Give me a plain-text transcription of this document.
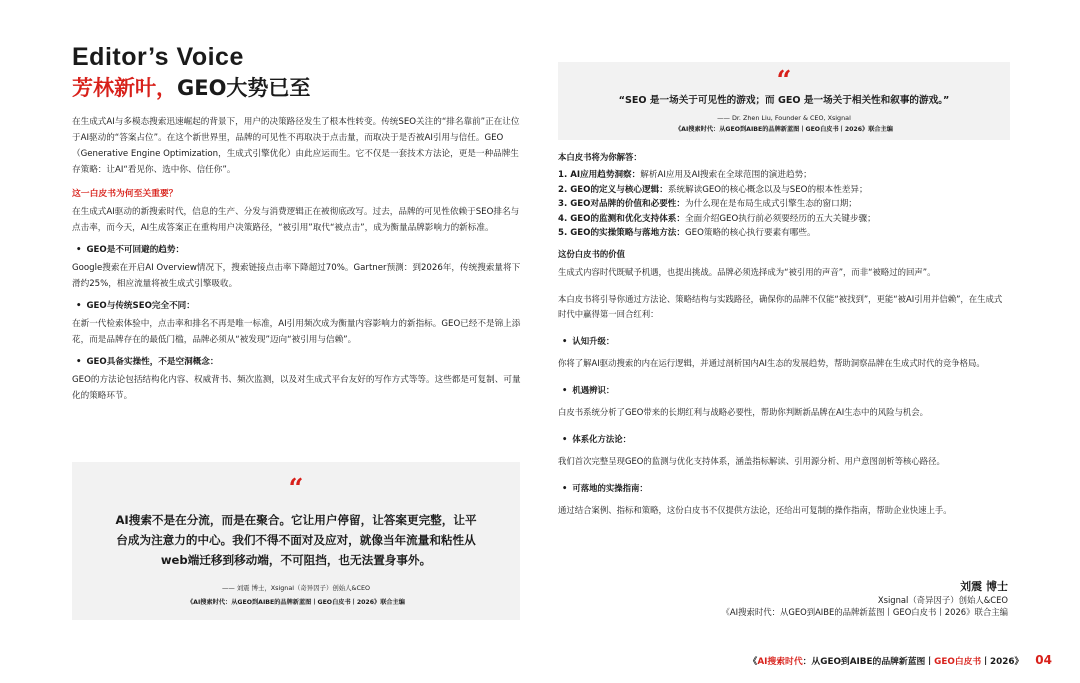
Editor’s Voice
芳林新叶，GEO大势已至

在生成式AI与多模态搜索迅速崛起的背景下，用户的决策路径发生了根本性转变。传统SEO关注的“排名靠前”正在让位于AI驱动的“答案占位”。在这个新世界里，品牌的可见性不再取决于点击量，而取决于是否被AI引用与信任。GEO（Generative Engine Optimization，生成式引擎优化）由此应运而生。它不仅是一套技术方法论，更是一种品牌生存策略：让AI“看见你、选中你、信任你”。

这一白皮书为何至关重要？

在生成式AI驱动的新搜索时代，信息的生产、分发与消费逻辑正在被彻底改写。过去，品牌的可见性依赖于SEO排名与点击率，而今天，AI生成答案正在重构用户决策路径，“被引用”取代“被点击”，成为衡量品牌影响力的新标准。

• GEO是不可回避的趋势：

Google搜索在开启AI Overview情况下，搜索链接点击率下降超过70%。Gartner预测：到2026年，传统搜索量将下滑约25%，相应流量将被生成式引擎吸收。

• GEO与传统SEO完全不同：

在新一代检索体验中，点击率和排名不再是唯一标准，AI引用频次成为衡量内容影响力的新指标。GEO已经不是锦上添花，而是品牌存在的最低门槛，品牌必须从“被发现”迈向“被引用与信赖”。

• GEO具备实操性，不是空洞概念：

GEO的方法论包括结构化内容、权威背书、频次监测，以及对生成式平台友好的写作方式等等。这些都是可复制、可量化的策略环节。

“
AI搜索不是在分流，而是在聚合。它让用户停留，让答案更完整，让平台成为注意力的中心。我们不得不面对及应对，就像当年流量和粘性从web端迁移到移动端，不可阻挡，也无法置身事外。
—— 刘震 博士，Xsignal（奇异因子）创始人&CEO
《AI搜索时代：从GEO到AIBE的品牌新蓝图丨GEO白皮书丨2026》联合主编
“
“SEO 是一场关于可见性的游戏；而 GEO 是一场关于相关性和叙事的游戏。”
—— Dr. Zhen Liu, Founder & CEO, Xsignal
《AI搜索时代：从GEO到AIBE的品牌新蓝图丨GEO白皮书丨2026》联合主编
本白皮书将为你解答：
1. AI应用趋势洞察：解析AI应用及AI搜索在全球范围的演进趋势；
2. GEO的定义与核心逻辑：系统解读GEO的核心概念以及与SEO的根本性差异；
3. GEO对品牌的价值和必要性：为什么现在是布局生成式引擎生态的窗口期；
4. GEO的监测和优化支持体系：全面介绍GEO执行前必须要经历的五大关键步骤；
5. GEO的实操策略与落地方法：GEO策略的核心执行要素有哪些。
这份白皮书的价值

生成式内容时代既赋予机遇，也提出挑战。品牌必须选择成为“被引用的声音”，而非“被略过的回声”。

本白皮书将引导你通过方法论、策略结构与实践路径，确保你的品牌不仅能“被找到”，更能“被AI引用并信赖”，在生成式时代中赢得第一回合红利：

• 认知升级：

你将了解AI驱动搜索的内在运行逻辑，并通过剖析国内AI生态的发展趋势，帮助洞察品牌在生成式时代的竞争格局。

• 机遇辨识：

白皮书系统分析了GEO带来的长期红利与战略必要性，帮助你判断新品牌在AI生态中的风险与机会。

• 体系化方法论：

我们首次完整呈现GEO的监测与优化支持体系，涵盖指标解读、引用源分析、用户意图剖析等核心路径。

• 可落地的实操指南：

通过结合案例、指标和策略，这份白皮书不仅提供方法论，还给出可复制的操作指南，帮助企业快速上手。

刘震 博士
Xsignal（奇异因子）创始人&CEO
《AI搜索时代：从GEO到AIBE的品牌新蓝图丨GEO白皮书丨2026》联合主编
《AI搜索时代：从GEO到AIBE的品牌新蓝图丨GEO白皮书丨2026》 04
